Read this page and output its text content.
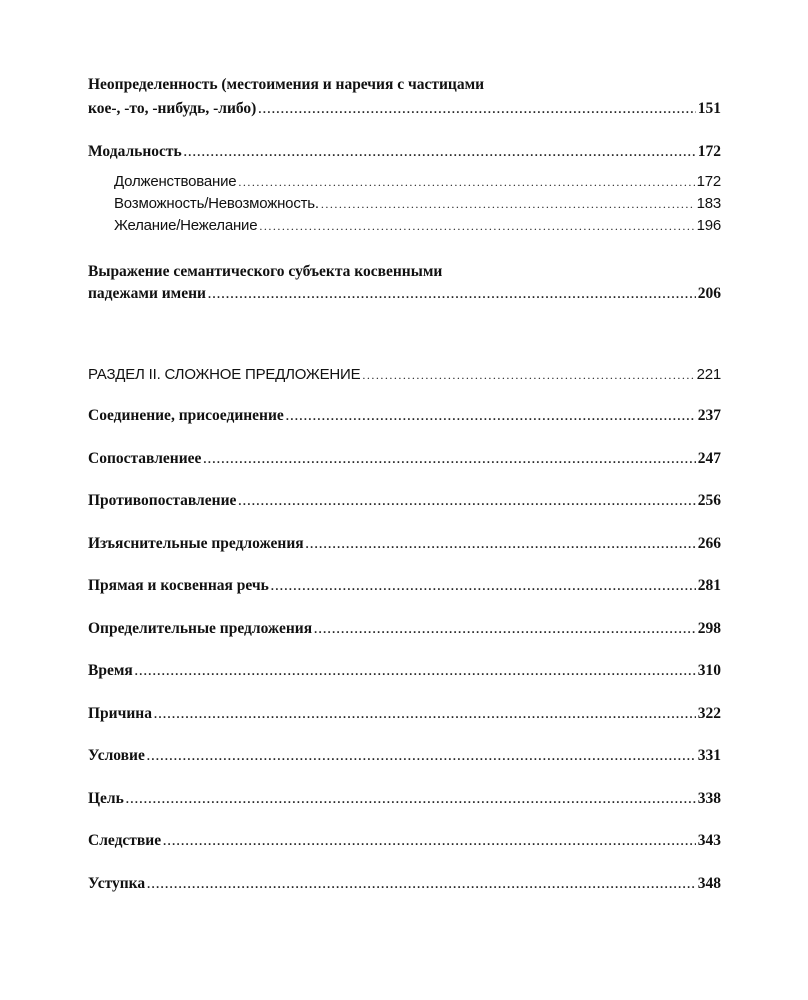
Неопределенность (местоимения и наречия с частицами
кое-, -то, -нибудь, -либо) .....	151
Модальность .....	172
Долженствование .....	172
Возможность/Невозможность. .....	183
Желание/Нежелание .....	196
Выражение семантического субъекта косвенными
падежами имени .....	206
РАЗДЕЛ II. СЛОЖНОЕ ПРЕДЛОЖЕНИЕ .....	221
Соединение, присоединение .....	237
Сопоставлениее .....	247
Противопоставление .....	256
Изъяснительные предложения .....	266
Прямая и косвенная речь .....	281
Определительные предложения .....	298
Время .....	310
Причина .....	322
Условие .....	331
Цель .....	338
Следствие .....	343
Уступка .....	348
